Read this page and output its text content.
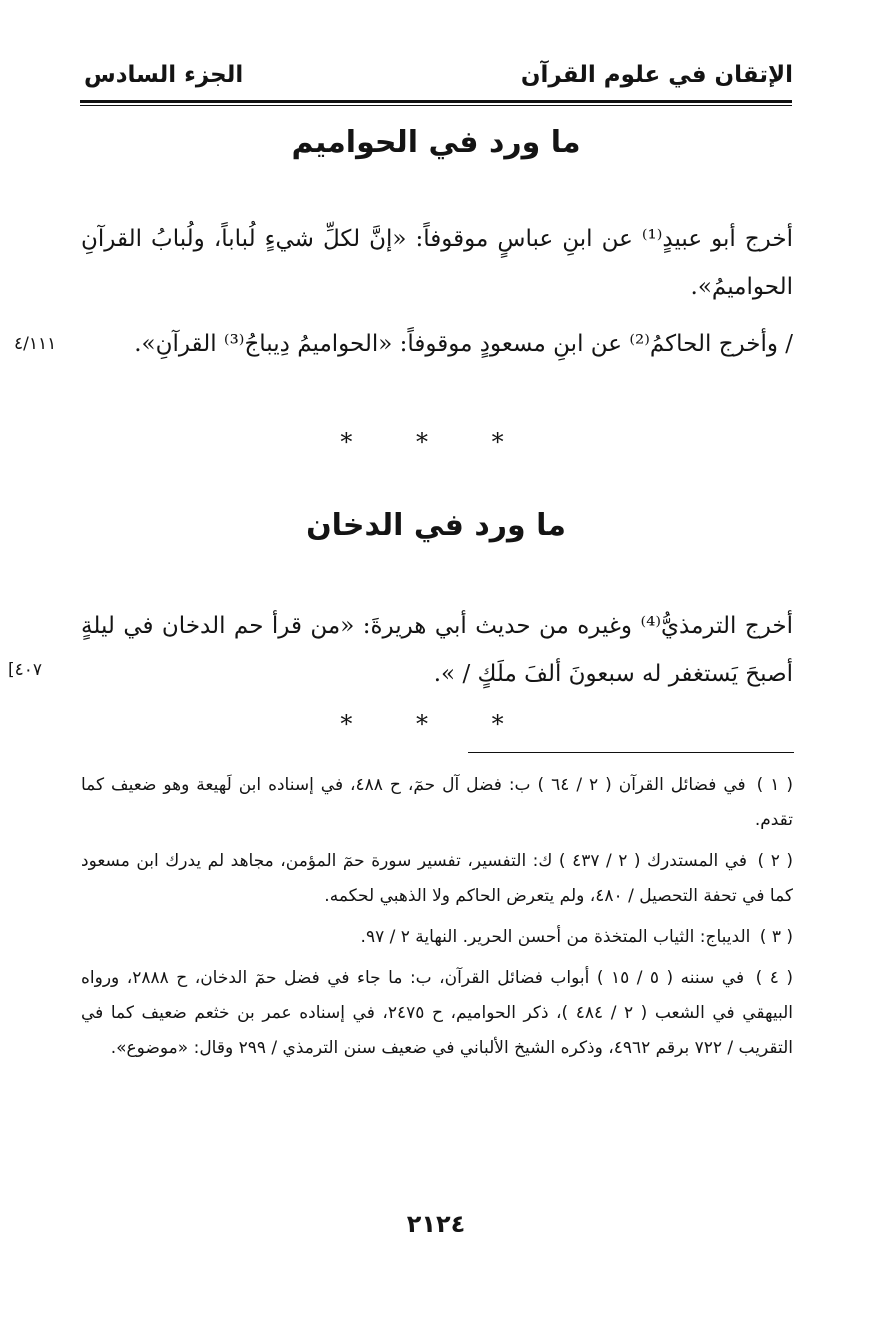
الإتقان في علوم القرآن
الجزء السادس
ما ورد في الحواميم
أخرج أبو عبيدٍ⁽¹⁾ عن ابنِ عباسٍ موقوفاً: «إنَّ لكلِّ شيءٍ لُباباً، ولُبابُ القرآنِ الحواميمُ».
/ وأخرج الحاكمُ⁽²⁾ عن ابنِ مسعودٍ موقوفاً: «الحواميمُ دِيباجُ⁽³⁾ القرآنِ».
٤/١١١
* * *
ما ورد في الدخان
أخرج الترمذيُّ⁽⁴⁾ وغيره من حديث أبي هريرةَ: «من قرأ حم الدخان في ليلةٍ أصبحَ يَستغفر له سبعونَ ألفَ ملَكٍ / ».
[٤٠٧
* * *
( ١ ) في فضائل القرآن ( ٢ / ٦٤ ) ب: فضل آل حمٓ، ح ٤٨٨، في إسناده ابن لَهيعة وهو ضعيف كما تقدم.
( ٢ ) في المستدرك ( ٢ / ٤٣٧ ) ك: التفسير، تفسير سورة حمٓ المؤمن، مجاهد لم يدرك ابن مسعود كما في تحفة التحصيل / ٤٨٠، ولم يتعرض الحاكم ولا الذهبي لحكمه.
( ٣ ) الديباج: الثياب المتخذة من أحسن الحرير. النهاية ٢ / ٩٧.
( ٤ ) في سننه ( ٥ / ١٥ ) أبواب فضائل القرآن، ب: ما جاء في فضل حمٓ الدخان، ح ٢٨٨٨، ورواه البيهقي في الشعب ( ٢ / ٤٨٤ )، ذكر الحواميم، ح ٢٤٧٥، في إسناده عمر بن خثعم ضعيف كما في التقريب / ٧٢٢ برقم ٤٩٦٢، وذكره الشيخ الألباني في ضعيف سنن الترمذي / ٢٩٩ وقال: «موضوع».
٢١٢٤
